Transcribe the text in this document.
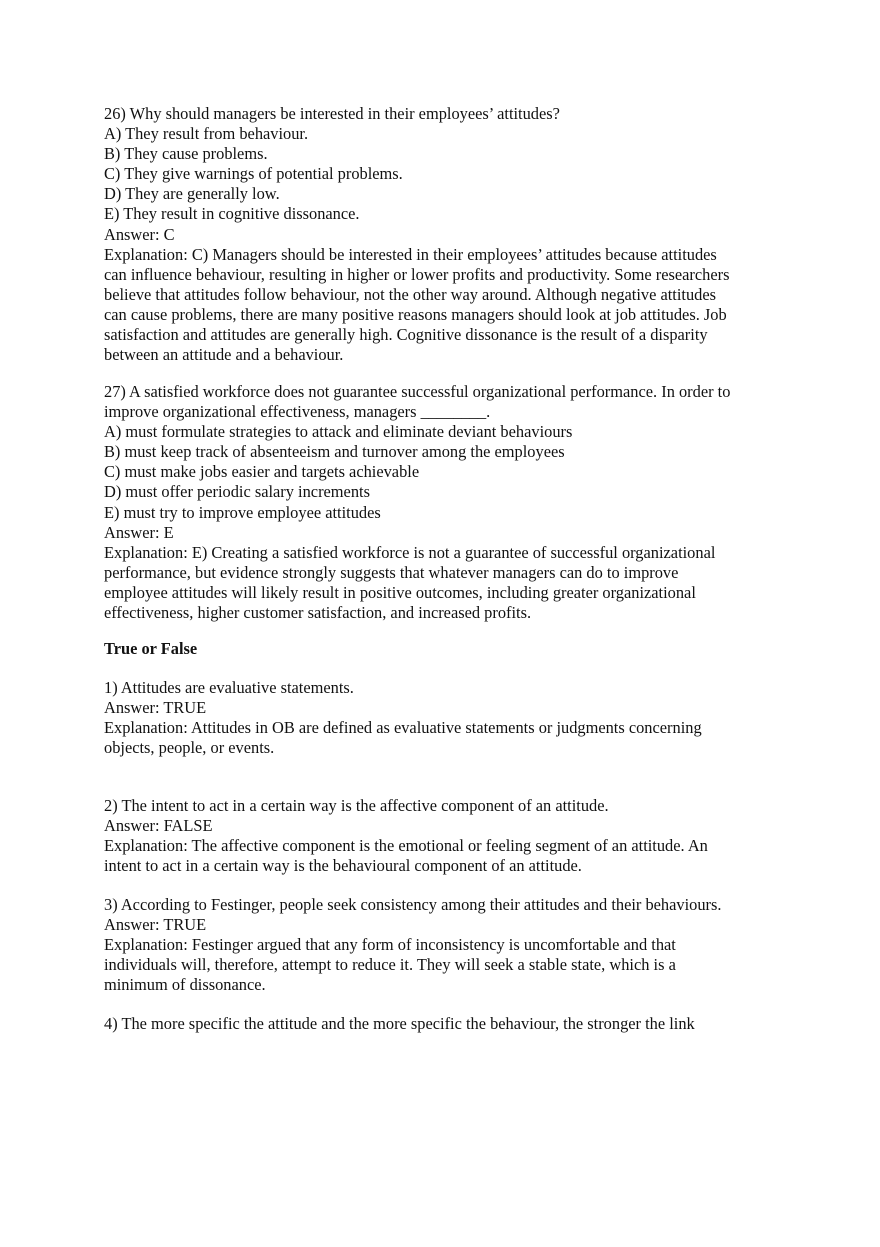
26) Why should managers be interested in their employees’ attitudes?
A) They result from behaviour.
B) They cause problems.
C) They give warnings of potential problems.
D) They are generally low.
E) They result in cognitive dissonance.
Answer: C
Explanation: C) Managers should be interested in their employees’ attitudes because attitudes
can influence behaviour, resulting in higher or lower profits and productivity. Some researchers
believe that attitudes follow behaviour, not the other way around. Although negative attitudes
can cause problems, there are many positive reasons managers should look at job attitudes. Job
satisfaction and attitudes are generally high. Cognitive dissonance is the result of a disparity
between an attitude and a behaviour.
27) A satisfied workforce does not guarantee successful organizational performance. In order to
improve organizational effectiveness, managers ________.
A) must formulate strategies to attack and eliminate deviant behaviours
B) must keep track of absenteeism and turnover among the employees
C) must make jobs easier and targets achievable
D) must offer periodic salary increments
E) must try to improve employee attitudes
Answer: E
Explanation: E) Creating a satisfied workforce is not a guarantee of successful organizational
performance, but evidence strongly suggests that whatever managers can do to improve
employee attitudes will likely result in positive outcomes, including greater organizational
effectiveness, higher customer satisfaction, and increased profits.
True or False
1) Attitudes are evaluative statements.
Answer: TRUE
Explanation: Attitudes in OB are defined as evaluative statements or judgments concerning
objects, people, or events.
2) The intent to act in a certain way is the affective component of an attitude.
Answer: FALSE
Explanation: The affective component is the emotional or feeling segment of an attitude. An
intent to act in a certain way is the behavioural component of an attitude.
3) According to Festinger, people seek consistency among their attitudes and their behaviours.
Answer: TRUE
Explanation: Festinger argued that any form of inconsistency is uncomfortable and that
individuals will, therefore, attempt to reduce it. They will seek a stable state, which is a
minimum of dissonance.
4) The more specific the attitude and the more specific the behaviour, the stronger the link
